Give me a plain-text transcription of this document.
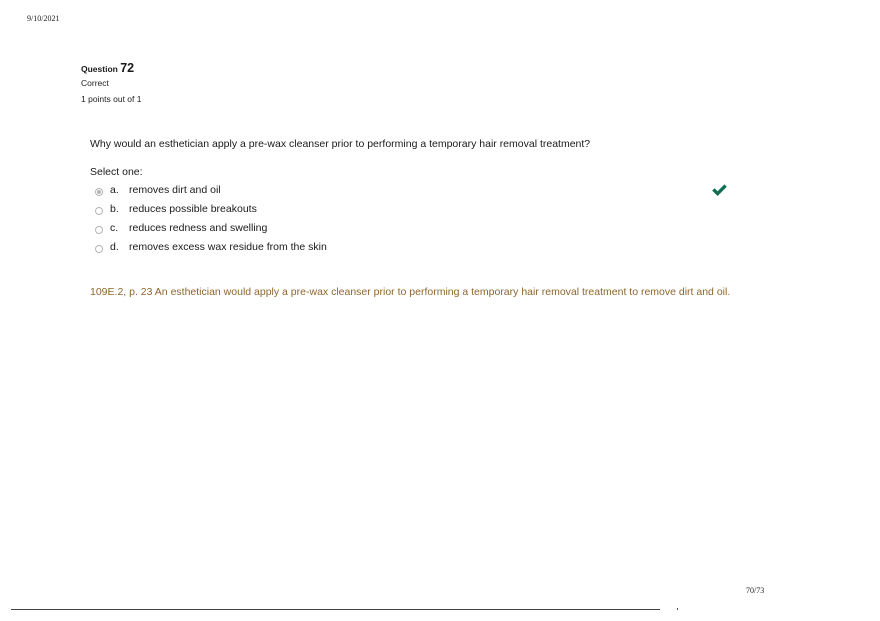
9/10/2021
Question 72
Correct
1 points out of 1
Why would an esthetician apply a pre-wax cleanser prior to performing a temporary hair removal treatment?
Select one:
a. removes dirt and oil
b. reduces possible breakouts
c.	reduces redness and swelling
d. removes excess wax residue from the skin
109E.2, p. 23 An esthetician would apply a pre-wax cleanser prior to performing a temporary hair removal treatment to remove dirt and oil.
70/73
